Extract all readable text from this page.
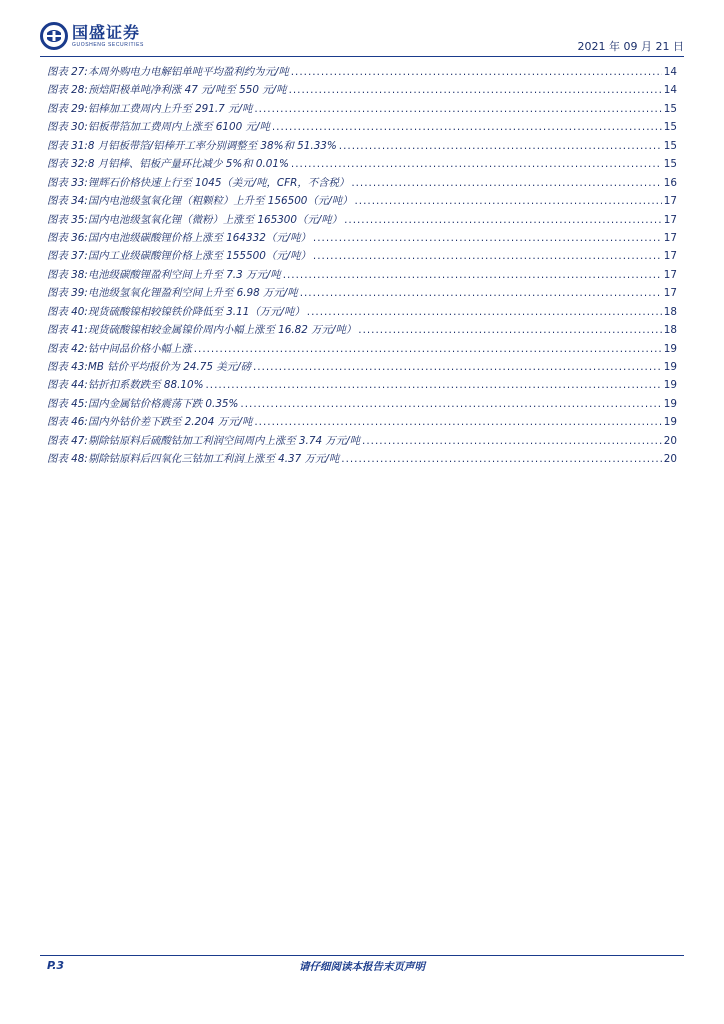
国盛证券
GUOSHENG SECURITIES	2021 年 09 月 21 日
图表 27: 本周外购电力电解铝单吨平均盈利约为元/吨 .....	14
图表 28: 预焙阳极单吨净利涨 47 元/吨至 550 元/吨 .....	14
图表 29: 铝棒加工费周内上升至 291.7 元/吨 .....	15
图表 30: 铝板带箔加工费周内上涨至 6100 元/吨 .....	15
图表 31: 8 月铝板带箔/铝棒开工率分别调整至 38%和 51.33% .....	15
图表 32: 8 月铝棒、铝板产量环比减少 5%和 0.01% .....	15
图表 33: 锂辉石价格快速上行至 1045（美元/吨，CFR，不含税） .....	16
图表 34: 国内电池级氢氧化锂（粗颗粒）上升至 156500（元/吨） .....	17
图表 35: 国内电池级氢氧化锂（微粉）上涨至 165300（元/吨） .....	17
图表 36: 国内电池级碳酸锂价格上涨至 164332（元/吨） .....	17
图表 37: 国内工业级碳酸锂价格上涨至 155500（元/吨） .....	17
图表 38: 电池级碳酸锂盈利空间上升至 7.3 万元/吨 .....	17
图表 39: 电池级氢氧化锂盈利空间上升至 6.98 万元/吨 .....	17
图表 40: 现货硫酸镍相较镍铁价降低至 3.11（万元/吨） .....	18
图表 41: 现货硫酸镍相较金属镍价周内小幅上涨至 16.82 万元/吨） .....	18
图表 42: 钴中间品价格小幅上涨 .....	19
图表 43: MB 钴价平均报价为 24.75 美元/磅 .....	19
图表 44: 钴折扣系数跌至 88.10% .....	19
图表 45: 国内金属钴价格震荡下跌 0.35% .....	19
图表 46: 国内外钴价差下跌至 2.204 万元/吨 .....	19
图表 47: 剔除钴原料后硫酸钴加工利润空间周内上涨至 3.74 万元/吨 .....	20
图表 48: 剔除钴原料后四氧化三钴加工利润上涨至 4.37 万元/吨 .....	20
P.3	请仔细阅读本报告末页声明
